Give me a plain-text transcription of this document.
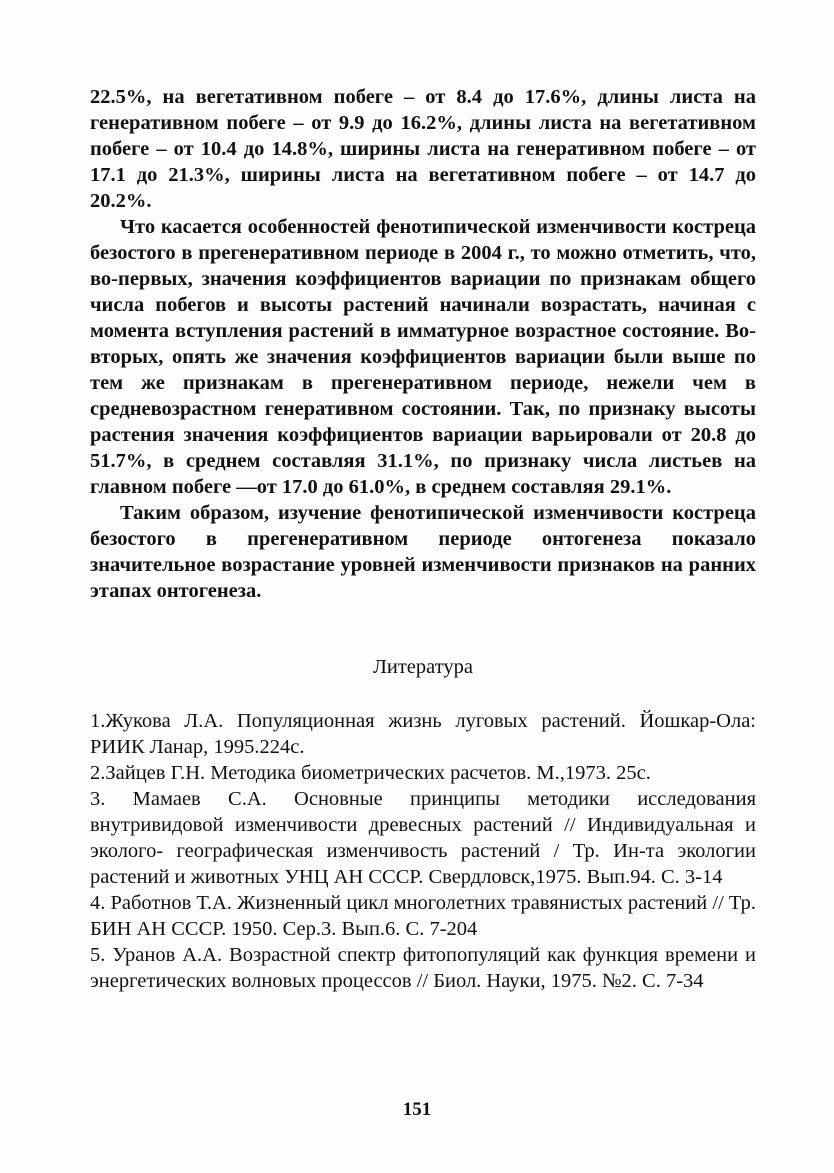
22.5%, на вегетативном побеге – от 8.4 до 17.6%, длины листа на генеративном побеге – от 9.9 до 16.2%, длины листа на вегетативном побеге – от 10.4 до 14.8%, ширины листа на генеративном побеге – от 17.1 до 21.3%, ширины листа на вегетативном побеге – от 14.7 до 20.2%.

Что касается особенностей фенотипической изменчивости костреца безостого в прегенеративном периоде в 2004 г., то можно отметить, что, во-первых, значения коэффициентов вариации по признакам общего числа побегов и высоты растений начинали возрастать, начиная с момента вступления растений в имматурное возрастное состояние. Во-вторых, опять же значения коэффициентов вариации были выше по тем же признакам в прегенеративном периоде, нежели чем в средневозрастном генеративном состоянии. Так, по признаку высоты растения значения коэффициентов вариации варьировали от 20.8 до 51.7%, в среднем составляя 31.1%, по признаку числа листьев на главном побеге —от 17.0 до 61.0%, в среднем составляя 29.1%.

Таким образом, изучение фенотипической изменчивости костреца безостого в прегенеративном периоде онтогенеза показало значительное возрастание уровней изменчивости признаков на ранних этапах онтогенеза.

Литература

1.Жукова Л.А. Популяционная жизнь луговых растений. Йошкар-Ола: РИИК Ланар, 1995.224с.

2.Зайцев Г.Н. Методика биометрических расчетов. М.,1973. 25с.

3. Мамаев С.А. Основные принципы методики исследования внутривидовой изменчивости древесных растений // Индивидуальная и эколого- географическая изменчивость растений / Тр. Ин-та экологии растений и животных УНЦ АН СССР. Свердловск,1975. Вып.94. С. 3-14

4. Работнов Т.А. Жизненный цикл многолетних травянистых растений // Тр. БИН АН СССР. 1950. Сер.3. Вып.6. С. 7-204

5. Уранов А.А. Возрастной спектр фитопопуляций как функция времени и энергетических волновых процессов // Биол. Науки, 1975. №2. С. 7-34

151
